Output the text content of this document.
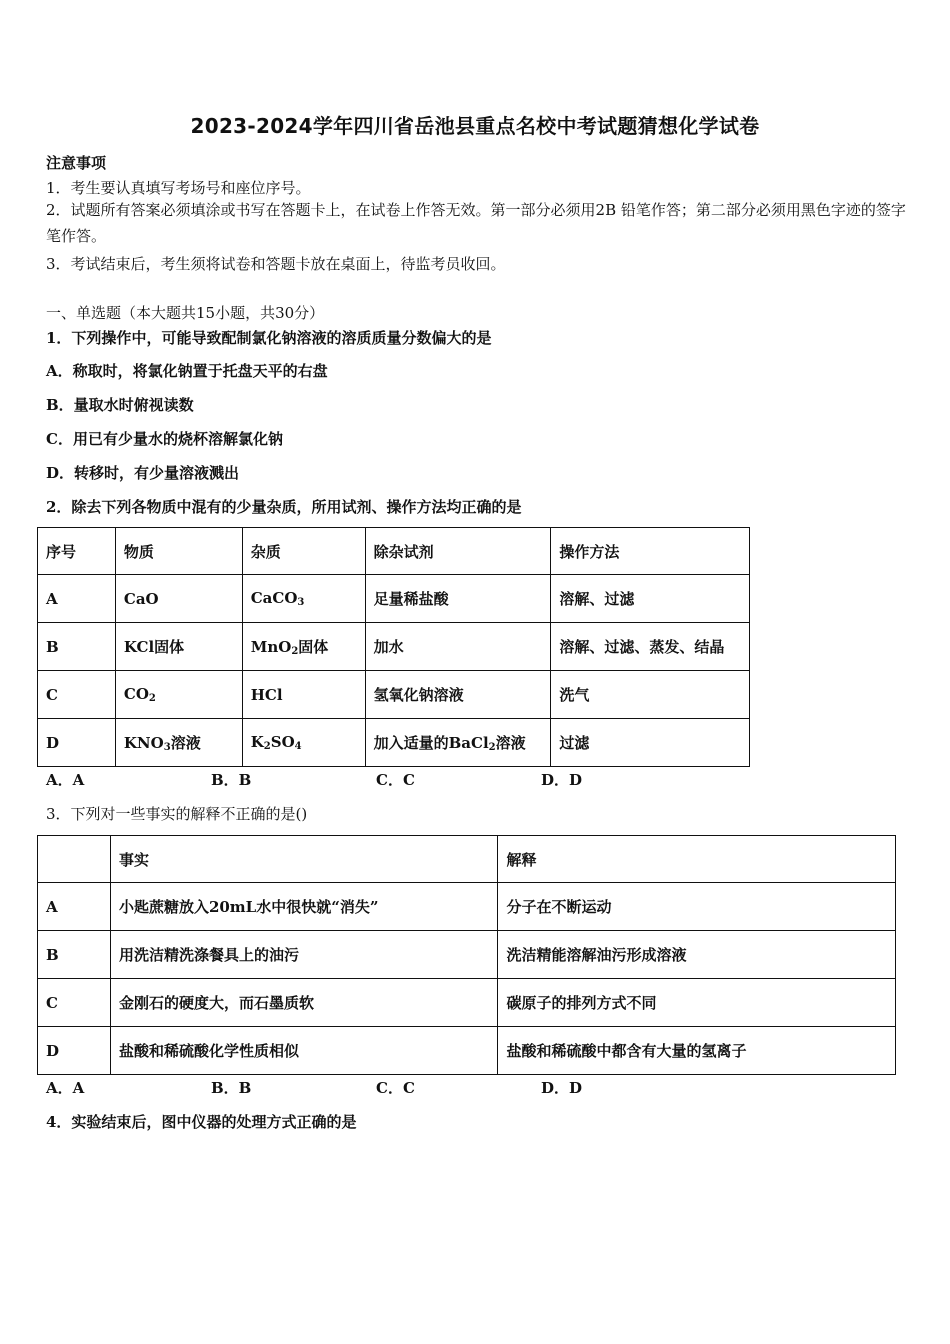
2023-2024学年四川省岳池县重点名校中考试题猜想化学试卷
注意事项
1．考生要认真填写考场号和座位序号。
2．试题所有答案必须填涂或书写在答题卡上，在试卷上作答无效。第一部分必须用2B 铅笔作答；第二部分必须用黑色字迹的签字笔作答。
3．考试结束后，考生须将试卷和答题卡放在桌面上，待监考员收回。
一、单选题（本大题共15小题，共30分）
1．下列操作中，可能导致配制氯化钠溶液的溶质质量分数偏大的是
A．称取时，将氯化钠置于托盘天平的右盘
B．量取水时俯视读数
C．用已有少量水的烧杯溶解氯化钠
D．转移时，有少量溶液溅出
2．除去下列各物质中混有的少量杂质，所用试剂、操作方法均正确的是
序号	物质	杂质	除杂试剂	操作方法
A	CaO	CaCO$_3$	足量稀盐酸	溶解、过滤
B	KCl固体	MnO$_2$固体	加水	溶解、过滤、蒸发、结晶
C	$CO_2$	HCl	氢氧化钠溶液	洗气
D	$KNO_3$溶液	$K_2SO_4$	加入适量的BaCl$_2$溶液	过滤
A．A	B．B	C．C	D．D
3．下列对一些事实的解释不正确的是()
	事实	解释
A	小匙蔗糖放入20mL水中很快就“消失”	分子在不断运动
B	用洗洁精洗涤餐具上的油污	洗洁精能溶解油污形成溶液
C	金刚石的硬度大，而石墨质软	碳原子的排列方式不同
D	盐酸和稀硫酸化学性质相似	盐酸和稀硫酸中都含有大量的氢离子
A．A	B．B	C．C	D．D
4．实验结束后，图中仪器的处理方式正确的是
